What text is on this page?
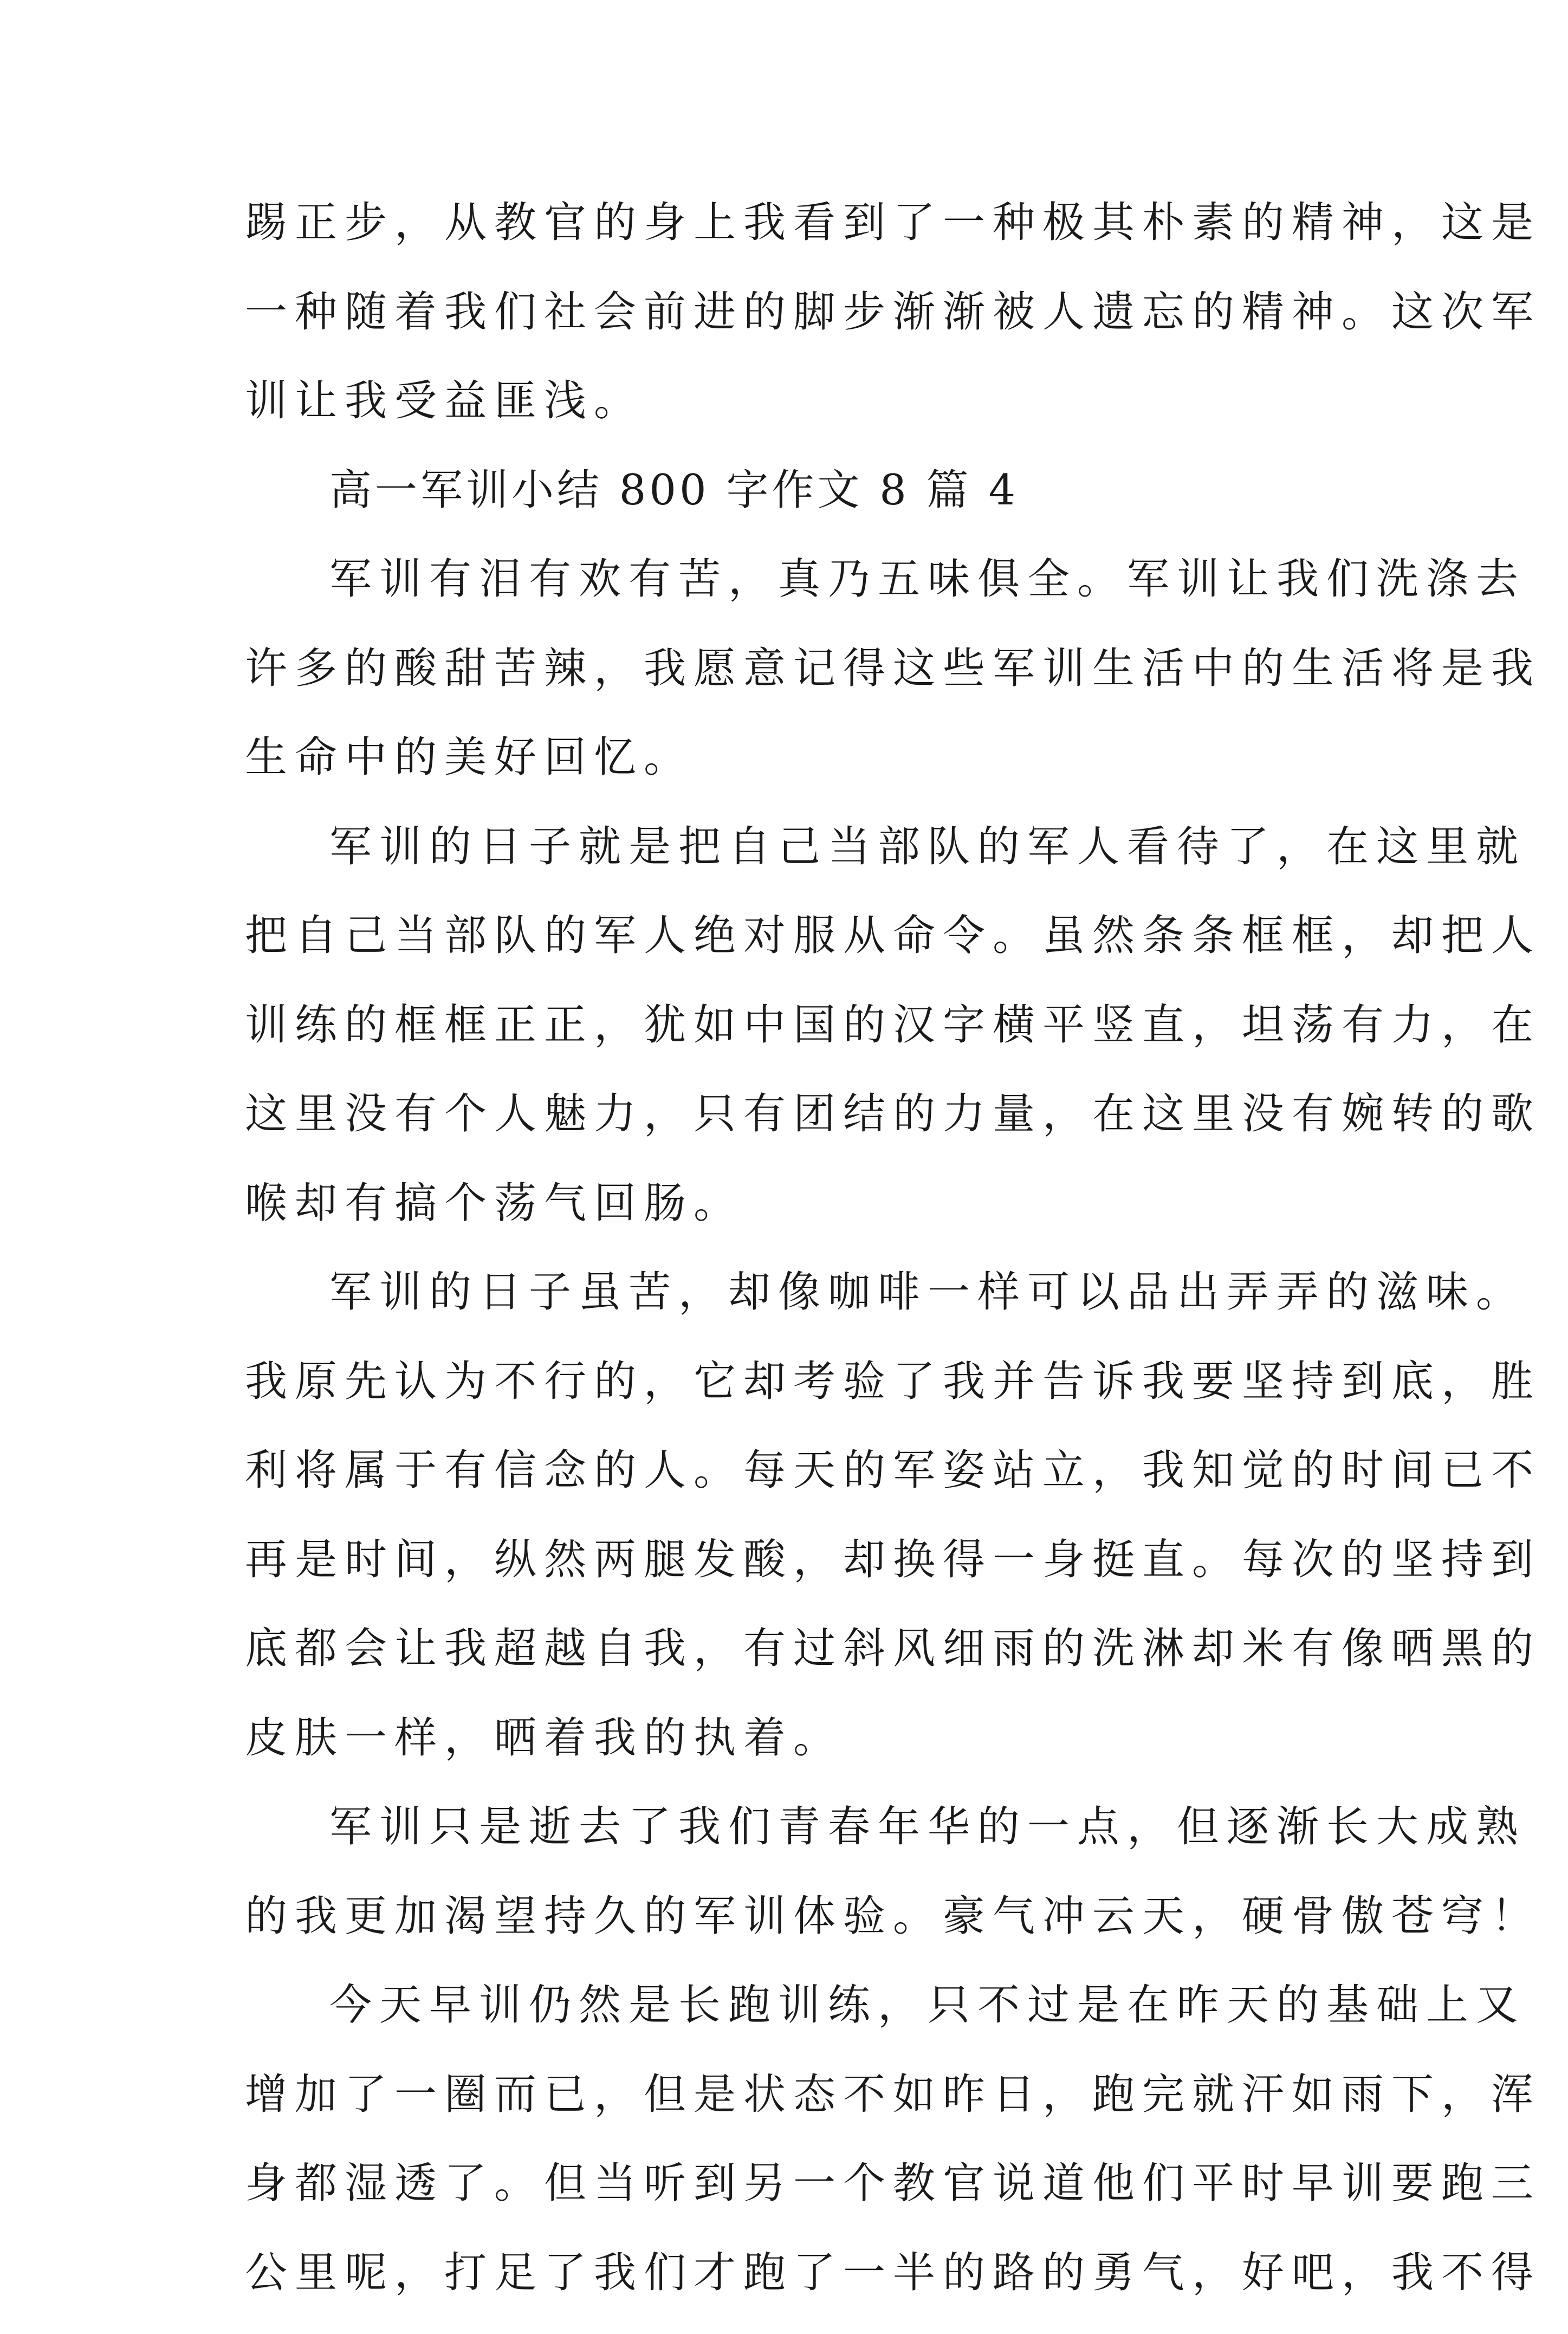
踢正步，从教官的身上我看到了一种极其朴素的精神，这是
一种随着我们社会前进的脚步渐渐被人遗忘的精神。这次军
训让我受益匪浅。
高一军训小结 800 字作文 8 篇 4
军训有泪有欢有苦，真乃五味俱全。军训让我们洗涤去
许多的酸甜苦辣，我愿意记得这些军训生活中的生活将是我
生命中的美好回忆。
军训的日子就是把自己当部队的军人看待了，在这里就
把自己当部队的军人绝对服从命令。虽然条条框框，却把人
训练的框框正正，犹如中国的汉字横平竖直，坦荡有力，在
这里没有个人魅力，只有团结的力量，在这里没有婉转的歌
喉却有搞个荡气回肠。
军训的日子虽苦，却像咖啡一样可以品出弄弄的滋味。
我原先认为不行的，它却考验了我并告诉我要坚持到底，胜
利将属于有信念的人。每天的军姿站立，我知觉的时间已不
再是时间，纵然两腿发酸，却换得一身挺直。每次的坚持到
底都会让我超越自我，有过斜风细雨的洗淋却米有像晒黑的
皮肤一样，晒着我的执着。
军训只是逝去了我们青春年华的一点，但逐渐长大成熟
的我更加渴望持久的军训体验。豪气冲云天，硬骨傲苍穹！
今天早训仍然是长跑训练，只不过是在昨天的基础上又
增加了一圈而已，但是状态不如昨日，跑完就汗如雨下，浑
身都湿透了。但当听到另一个教官说道他们平时早训要跑三
公里呢，打足了我们才跑了一半的路的勇气，好吧，我不得
